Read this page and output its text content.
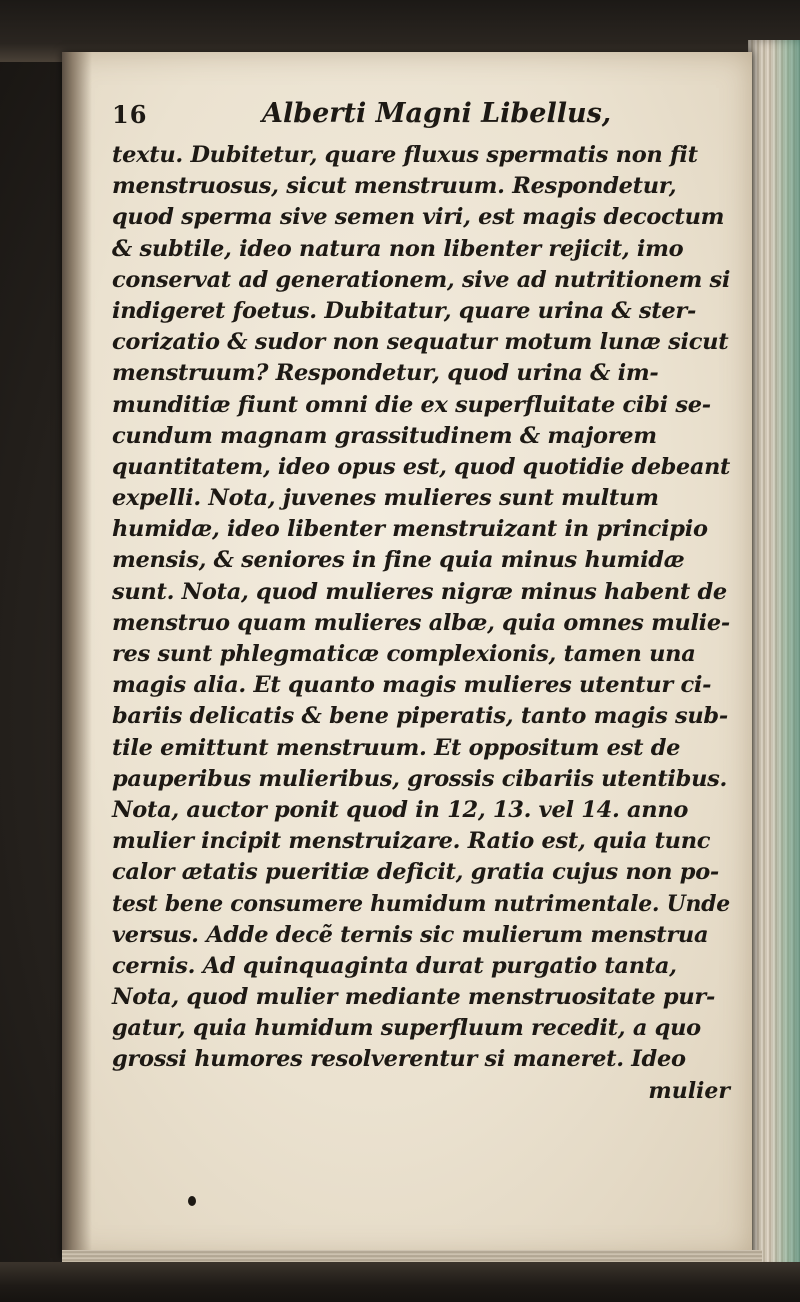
16	Alberti Magni Libellus,
textu. Dubitetur, quare fluxus spermatis non fit
menstruosus, sicut menstruum. Respondetur,
quod sperma sive semen viri, est magis decoctum
& subtile, ideo natura non libenter rejicit, imo
conservat ad generationem, sive ad nutritionem si
indigeret foetus. Dubitatur, quare urina & ster-
corizatio & sudor non sequatur motum lunæ sicut
menstruum? Respondetur, quod urina & im-
munditiæ fiunt omni die ex superfluitate cibi se-
cundum magnam grassitudinem & majorem
quantitatem, ideo opus est, quod quotidie debeant
expelli. Nota, juvenes mulieres sunt multum
humidæ, ideo libenter menstruizant in principio
mensis, & seniores in fine quia minus humidæ
sunt. Nota, quod mulieres nigræ minus habent de
menstruo quam mulieres albæ, quia omnes mulie-
res sunt phlegmaticæ complexionis, tamen una
magis alia. Et quanto magis mulieres utentur ci-
bariis delicatis & bene piperatis, tanto magis sub-
tile emittunt menstruum. Et oppositum est de
pauperibus mulieribus, grossis cibariis utentibus.
Nota, auctor ponit quod in 12, 13. vel 14. anno
mulier incipit menstruizare. Ratio est, quia tunc
calor ætatis pueritiæ deficit, gratia cujus non po-
test bene consumere humidum nutrimentale. Unde
versus. Adde decẽ ternis sic mulierum menstrua
cernis. Ad quinquaginta durat purgatio tanta,
Nota, quod mulier mediante menstruositate pur-
gatur, quia humidum superfluum recedit, a quo
grossi humores resolverentur si maneret. Ideo
mulier
